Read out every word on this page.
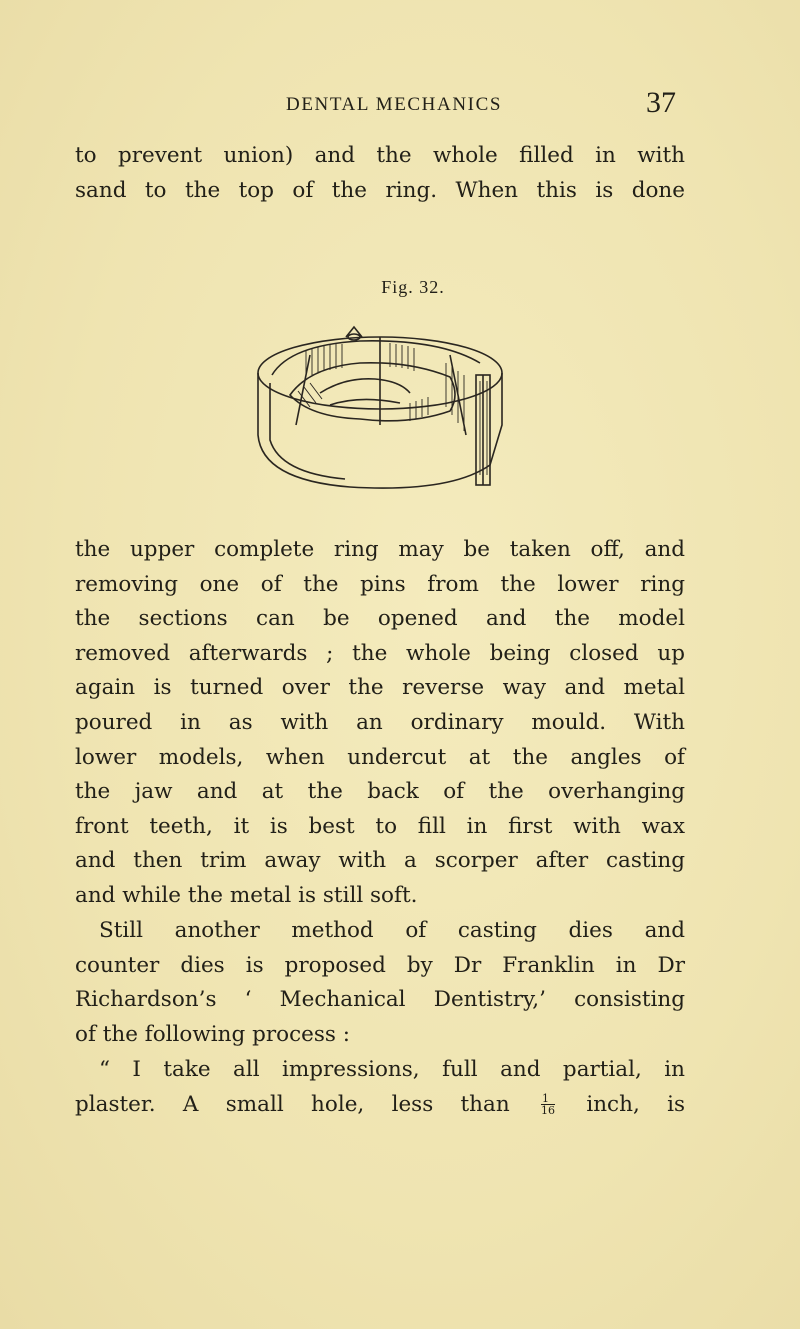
DENTAL MECHANICS	37
to prevent union) and the whole filled in with
sand to the top of the ring. When this is done
Fig. 32.
the upper complete ring may be taken off, and
removing one of the pins from the lower ring
the sections can be opened and the model
removed afterwards ; the whole being closed up
again is turned over the reverse way and metal
poured in as with an ordinary mould. With
lower models, when undercut at the angles of
the jaw and at the back of the overhanging
front teeth, it is best to fill in first with wax
and then trim away with a scorper after casting
and while the metal is still soft.
Still another method of casting dies and
counter dies is proposed by Dr Franklin in Dr
Richardson’s ‘ Mechanical Dentistry,’ consisting
of the following process :
“ I take all impressions, full and partial, in
plaster. A small hole, less than	$\frac{1}{16}$ inch, is
